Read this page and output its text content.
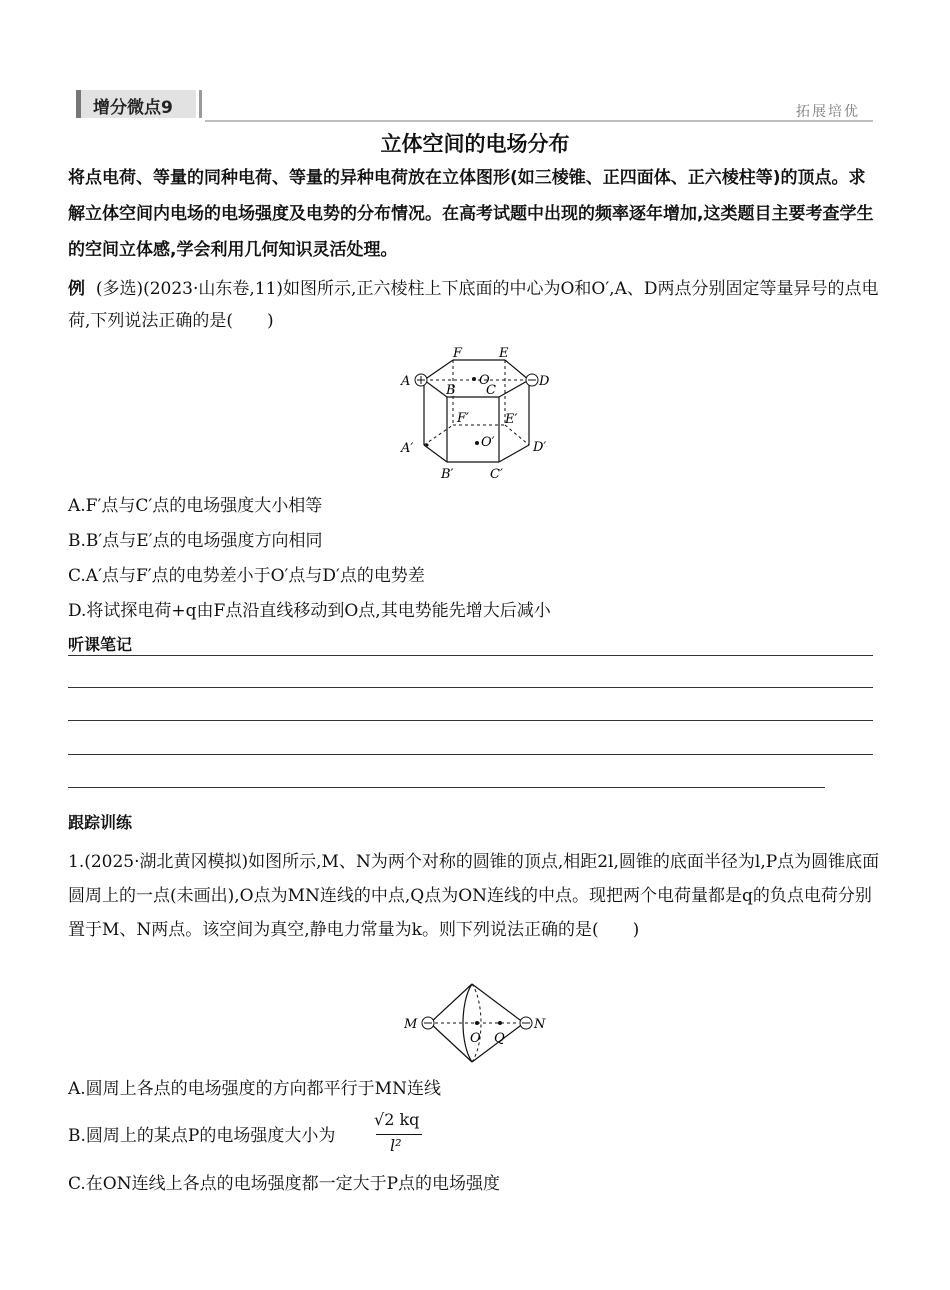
增分微点9	拓展培优
立体空间的电场分布
将点电荷、等量的同种电荷、等量的异种电荷放在立体图形(如三棱锥、正四面体、正六棱柱等)的顶点。求解立体空间内电场的电场强度及电势的分布情况。在高考试题中出现的频率逐年增加,这类题目主要考查学生的空间立体感,学会利用几何知识灵活处理。
例 (多选)(2023·山东卷,11)如图所示,正六棱柱上下底面的中心为O和O′,A、D两点分别固定等量异号的点电荷,下列说法正确的是(　　)
F	E
A
B
O
C
D
F′	E′
A′	O′	D′
B′	C′
A.F′点与C′点的电场强度大小相等
B.B′点与E′点的电场强度方向相同
C.A′点与F′点的电势差小于O′点与D′点的电势差
D.将试探电荷+q由F点沿直线移动到O点,其电势能先增大后减小
听课笔记
跟踪训练
1.(2025·湖北黄冈模拟)如图所示,M、N为两个对称的圆锥的顶点,相距2l,圆锥的底面半径为l,P点为圆锥底面圆周上的一点(未画出),O点为MN连线的中点,Q点为ON连线的中点。现把两个电荷量都是q的负点电荷分别置于M、N两点。该空间为真空,静电力常量为k。则下列说法正确的是(　　)
M	N
O Q
A.圆周上各点的电场强度的方向都平行于MN连线
B.圆周上的某点P的电场强度大小为
√2 kq
l²
C.在ON连线上各点的电场强度都一定大于P点的电场强度
